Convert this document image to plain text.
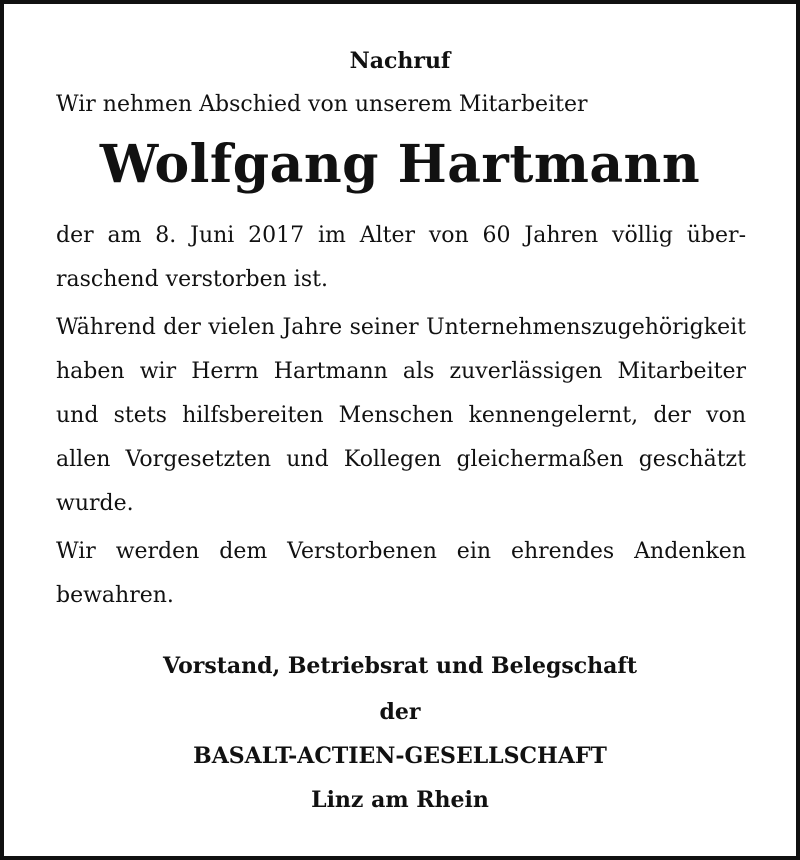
Nachruf
Wir nehmen Abschied von unserem Mitarbeiter
Wolfgang Hartmann
der am 8. Juni 2017 im Alter von 60 Jahren völlig überraschend verstorben ist.
Während der vielen Jahre seiner Unternehmenszugehörigkeit haben wir Herrn Hartmann als zuverlässigen Mitarbeiter und stets hilfsbereiten Menschen kennengelernt, der von allen Vorgesetzten und Kollegen gleichermaßen geschätzt wurde.
Wir werden dem Verstorbenen ein ehrendes Andenken bewahren.
Vorstand, Betriebsrat und Belegschaft
der
BASALT-ACTIEN-GESELLSCHAFT
Linz am Rhein
